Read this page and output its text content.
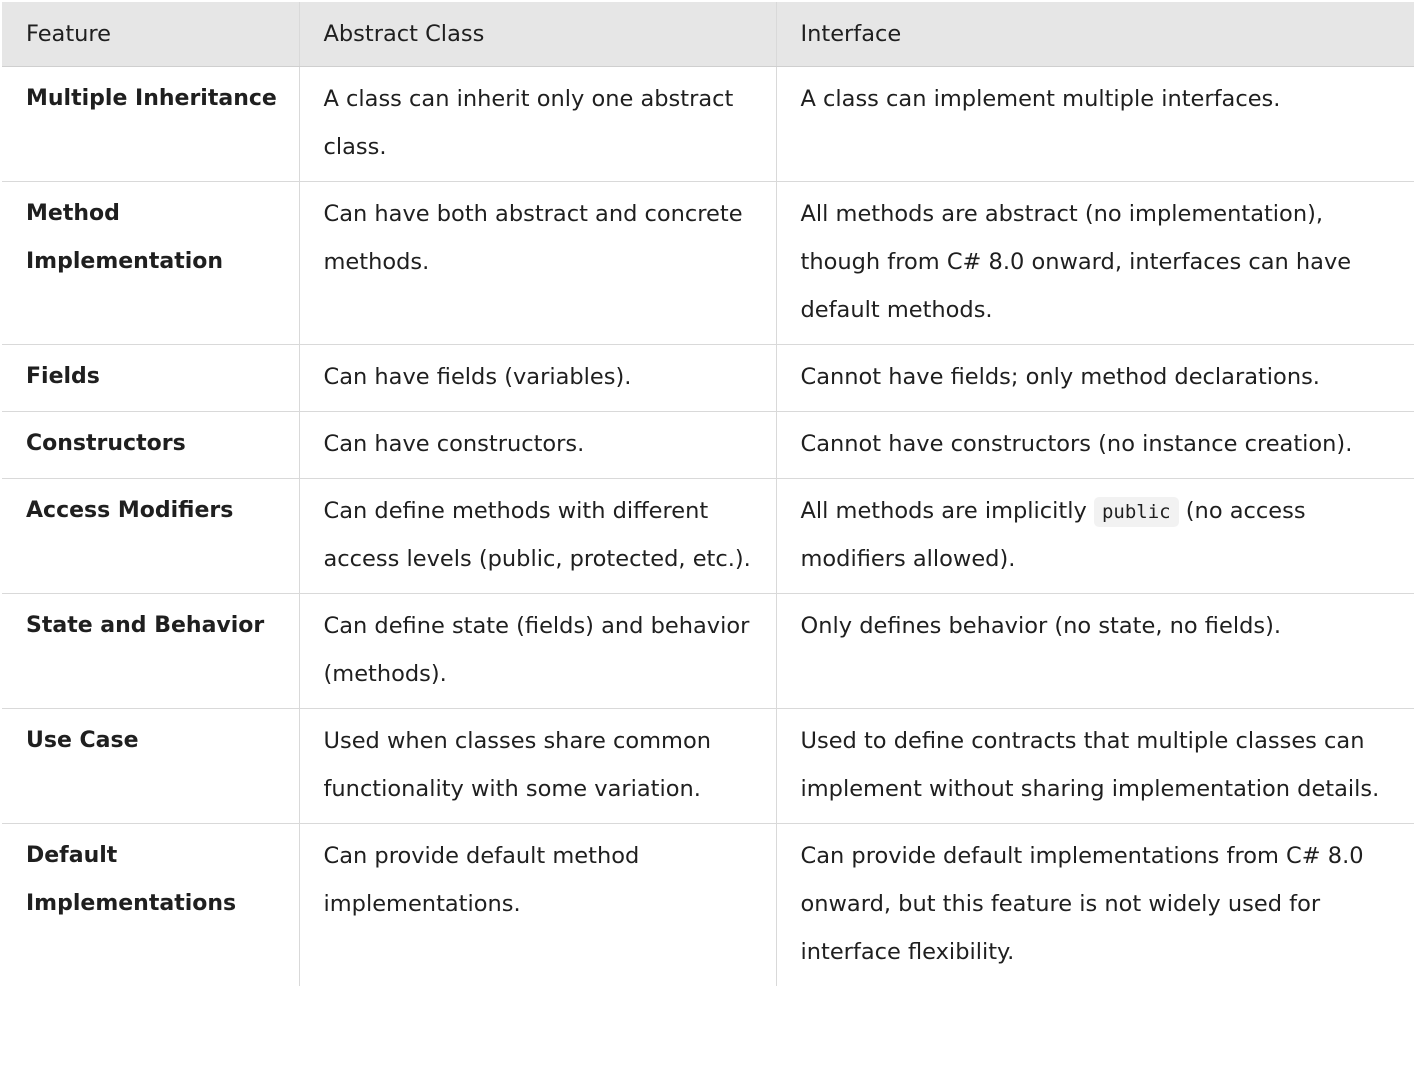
Feature	Abstract Class	Interface
Multiple Inheritance	A class can inherit only one abstract class.	A class can implement multiple interfaces.
Method Implementation	Can have both abstract and concrete methods.	All methods are abstract (no implementation), though from C# 8.0 onward, interfaces can have default methods.
Fields	Can have fields (variables).	Cannot have fields; only method declarations.
Constructors	Can have constructors.	Cannot have constructors (no instance creation).
Access Modifiers	Can define methods with different access levels (public, protected, etc.).	All methods are implicitly public (no access modifiers allowed).
State and Behavior	Can define state (fields) and behavior (methods).	Only defines behavior (no state, no fields).
Use Case	Used when classes share common functionality with some variation.	Used to define contracts that multiple classes can implement without sharing implementation details.
Default Implementations	Can provide default method implementations.	Can provide default implementations from C# 8.0 onward, but this feature is not widely used for interface flexibility.
